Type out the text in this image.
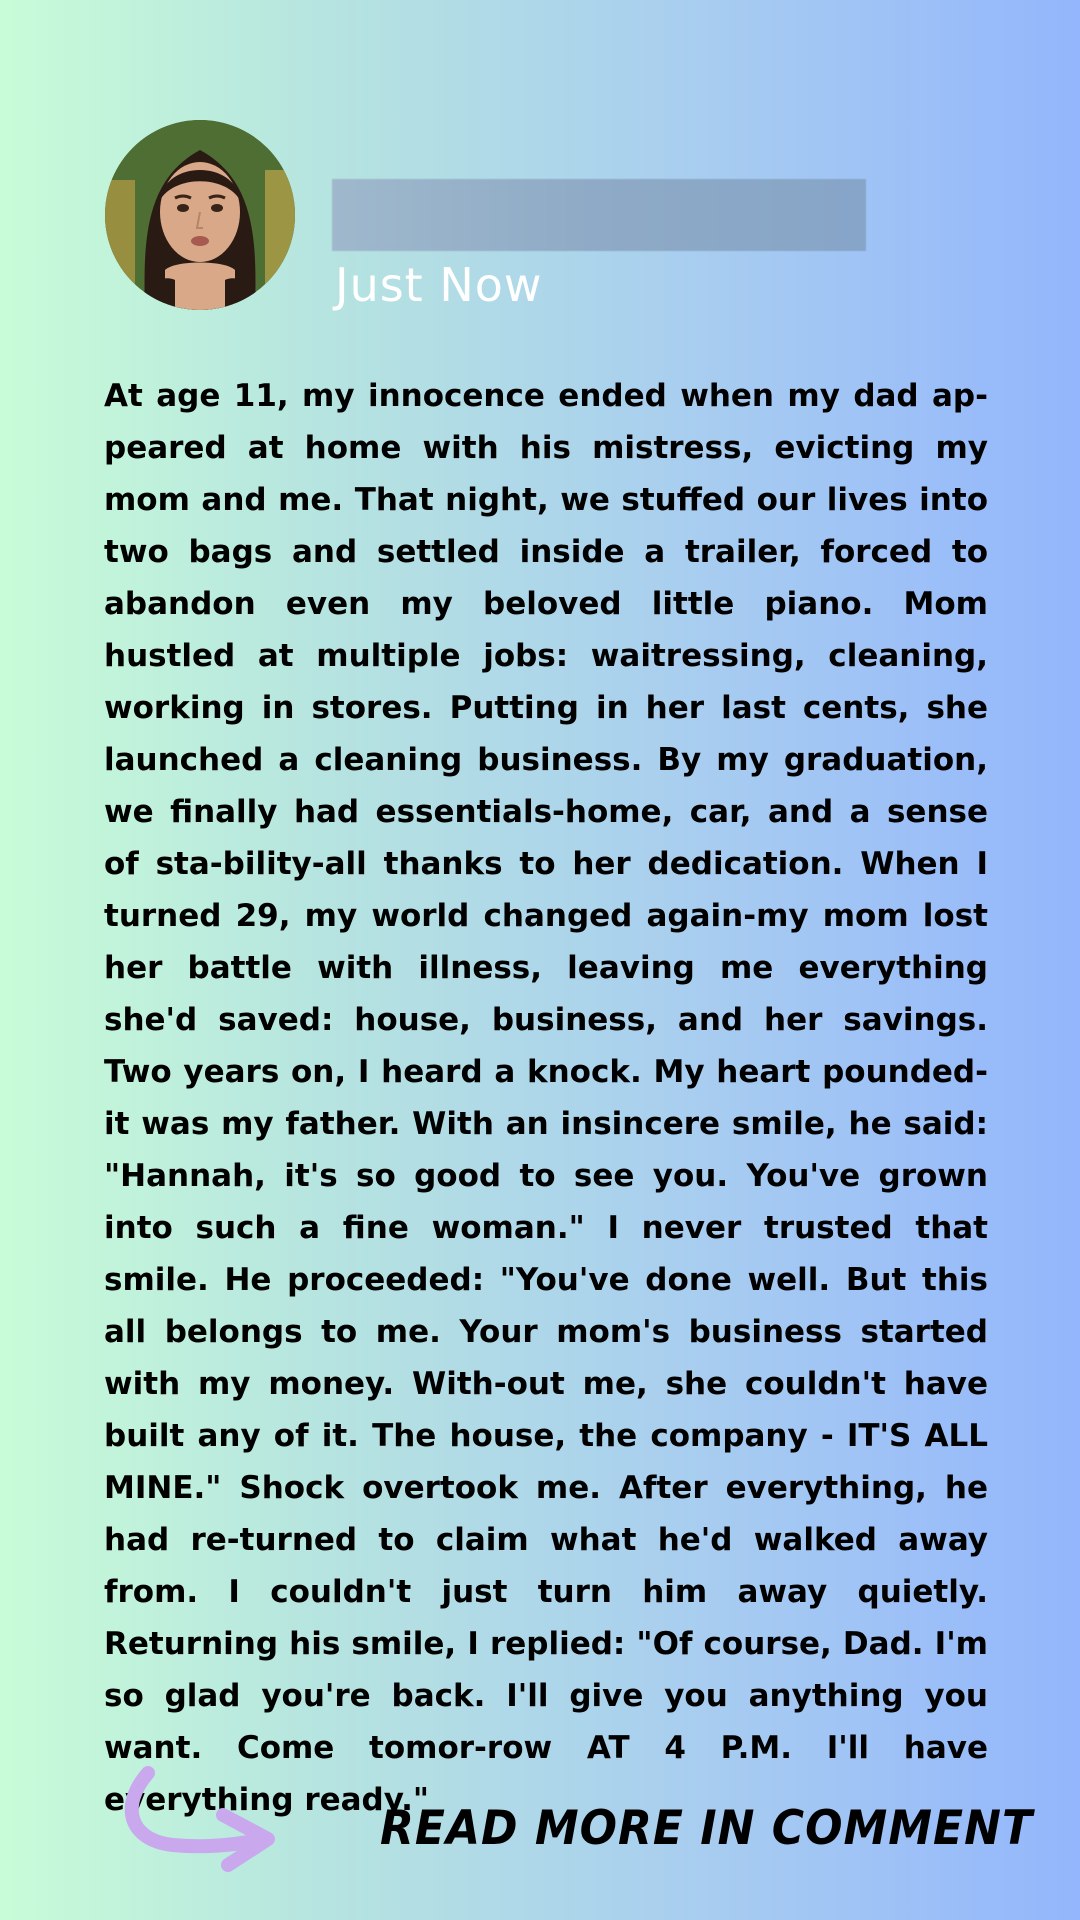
Just Now

At age 11, my innocence ended when my dad ap-peared at home with his mistress, evicting my mom and me. That night, we stuffed our lives into two bags and settled inside a trailer, forced to abandon even my beloved little piano. Mom hustled at multiple jobs: waitressing, cleaning, working in stores. Putting in her last cents, she launched a cleaning business. By my graduation, we finally had essentials-home, car, and a sense of sta-bility-all thanks to her dedication. When I turned 29, my world changed again-my mom lost her battle with illness, leaving me everything she'd saved: house, business, and her savings. Two years on, I heard a knock. My heart pounded-it was my father. With an insincere smile, he said: "Hannah, it's so good to see you. You've grown into such a fine woman." I never trusted that smile. He proceeded: "You've done well. But this all belongs to me. Your mom's business started with my money. With-out me, she couldn't have built any of it. The house, the company - IT'S ALL MINE." Shock overtook me. After everything, he had re-turned to claim what he'd walked away from. I couldn't just turn him away quietly. Returning his smile, I replied: "Of course, Dad. I'm so glad you're back. I'll give you anything you want. Come tomor-row AT 4 P.M. I'll have everything ready."

READ MORE IN COMMENT
